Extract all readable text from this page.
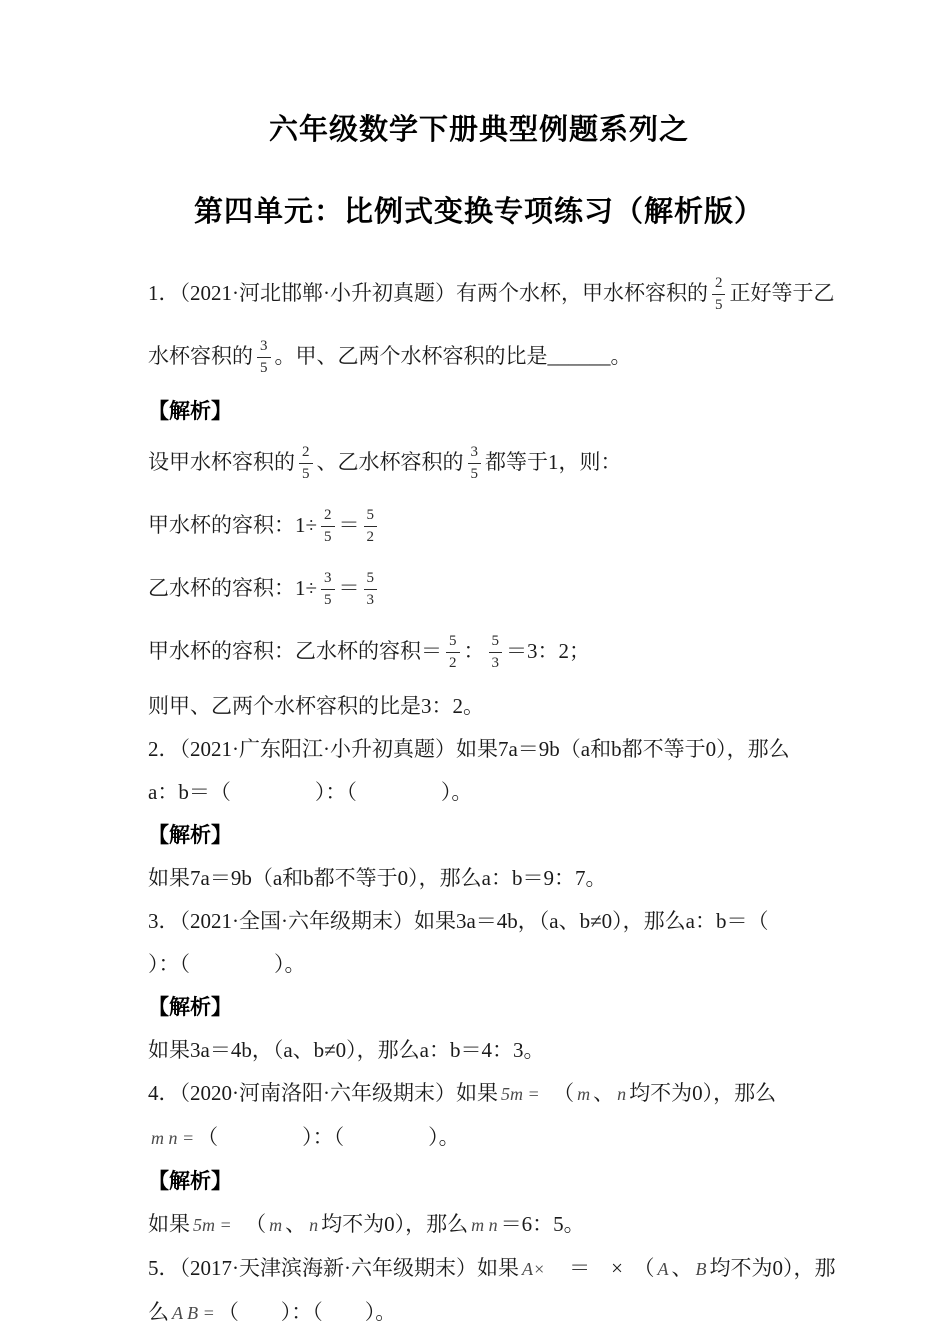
六年级数学下册典型例题系列之
第四单元：比例式变换专项练习（解析版）
1．（2021·河北邯郸·小升初真题）有两个水杯，甲水杯容积的 $\frac{2}{5}$ 正好等于乙
水杯容积的 $\frac{3}{5}$ 。甲、乙两个水杯容积的比是______。
【解析】
设甲水杯容积的 $\frac{2}{5}$ 、乙水杯容积的 $\frac{3}{5}$ 都等于1，则：
甲水杯的容积：$1\div \frac{2}{5} = \frac{5}{2}$
乙水杯的容积：$1\div \frac{3}{5} = \frac{5}{3}$
甲水杯的容积：乙水杯的容积＝ $\frac{5}{2}$ ： $\frac{5}{3} =3$：2；
则甲、乙两个水杯容积的比是3：2。
2．（2021·广东阳江·小升初真题）如果7a＝9b（a和b都不等于0），那么
a：b＝（　　　　）：（　　　　）。
【解析】
如果7a＝9b（a和b都不等于0），那么a：b＝9：7。
3．（2021·全国·六年级期末）如果3a＝4b，（a、b≠0），那么a：b＝（
）：（　　　　）。
【解析】
如果3a＝4b，（a、b≠0），那么a：b＝4：3。
4．（2020·河南洛阳·六年级期末）如果 5m =　（ m 、 n 均不为0），那么
m n = （　　　　）：（　　　　）。
【解析】
如果 5m =　（ m 、 n 均不为0），那么 m n ＝6：5。
5．（2017·天津滨海新·六年级期末）如果 A×　＝　×　（ A 、 B 均不为0），那
么 A B = （　　）：（　　）。
